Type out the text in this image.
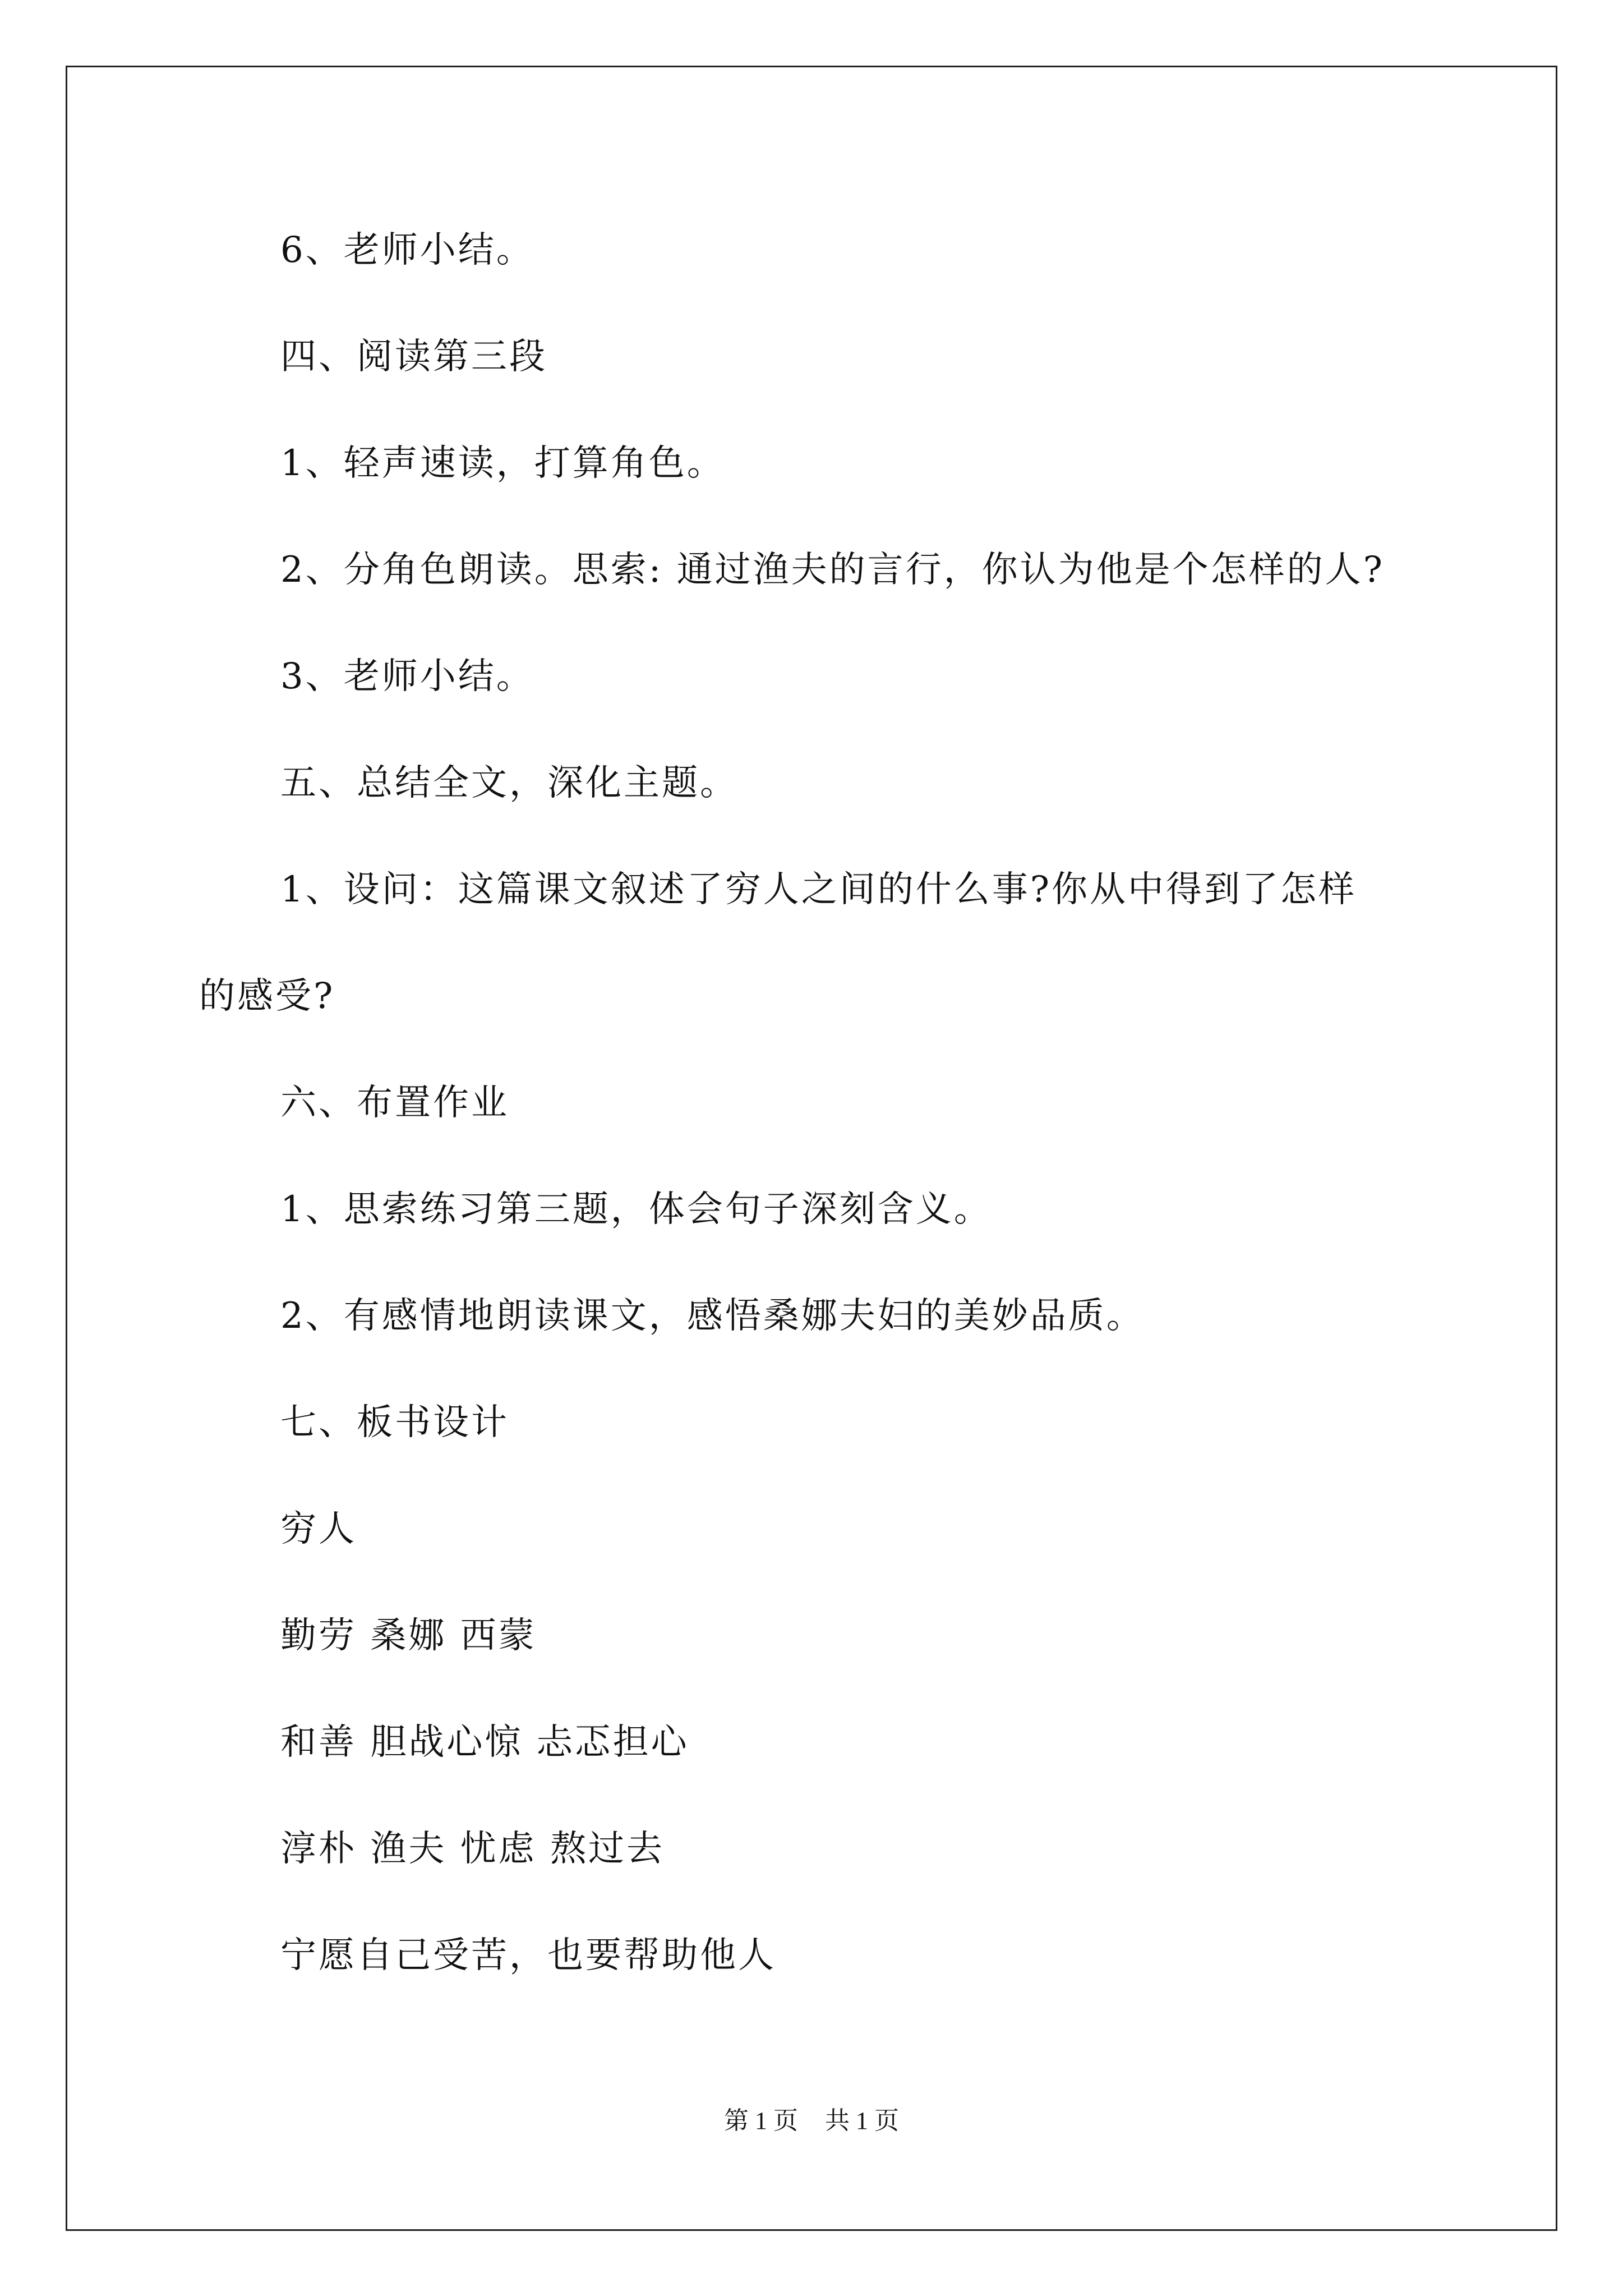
6、老师小结。
四、阅读第三段
1、轻声速读，打算角色。
2、分角色朗读。思索: 通过渔夫的言行，你认为他是个怎样的人?
3、老师小结。
五、总结全文，深化主题。
1、设问：这篇课文叙述了穷人之间的什么事?你从中得到了怎样
的感受?
六、布置作业
1、思索练习第三题，体会句子深刻含义。
2、有感情地朗读课文，感悟桑娜夫妇的美妙品质。
七、板书设计
穷人
勤劳 桑娜 西蒙
和善 胆战心惊 忐忑担心
淳朴 渔夫 忧虑 熬过去
宁愿自己受苦，也要帮助他人
第 1 页 共 1 页
